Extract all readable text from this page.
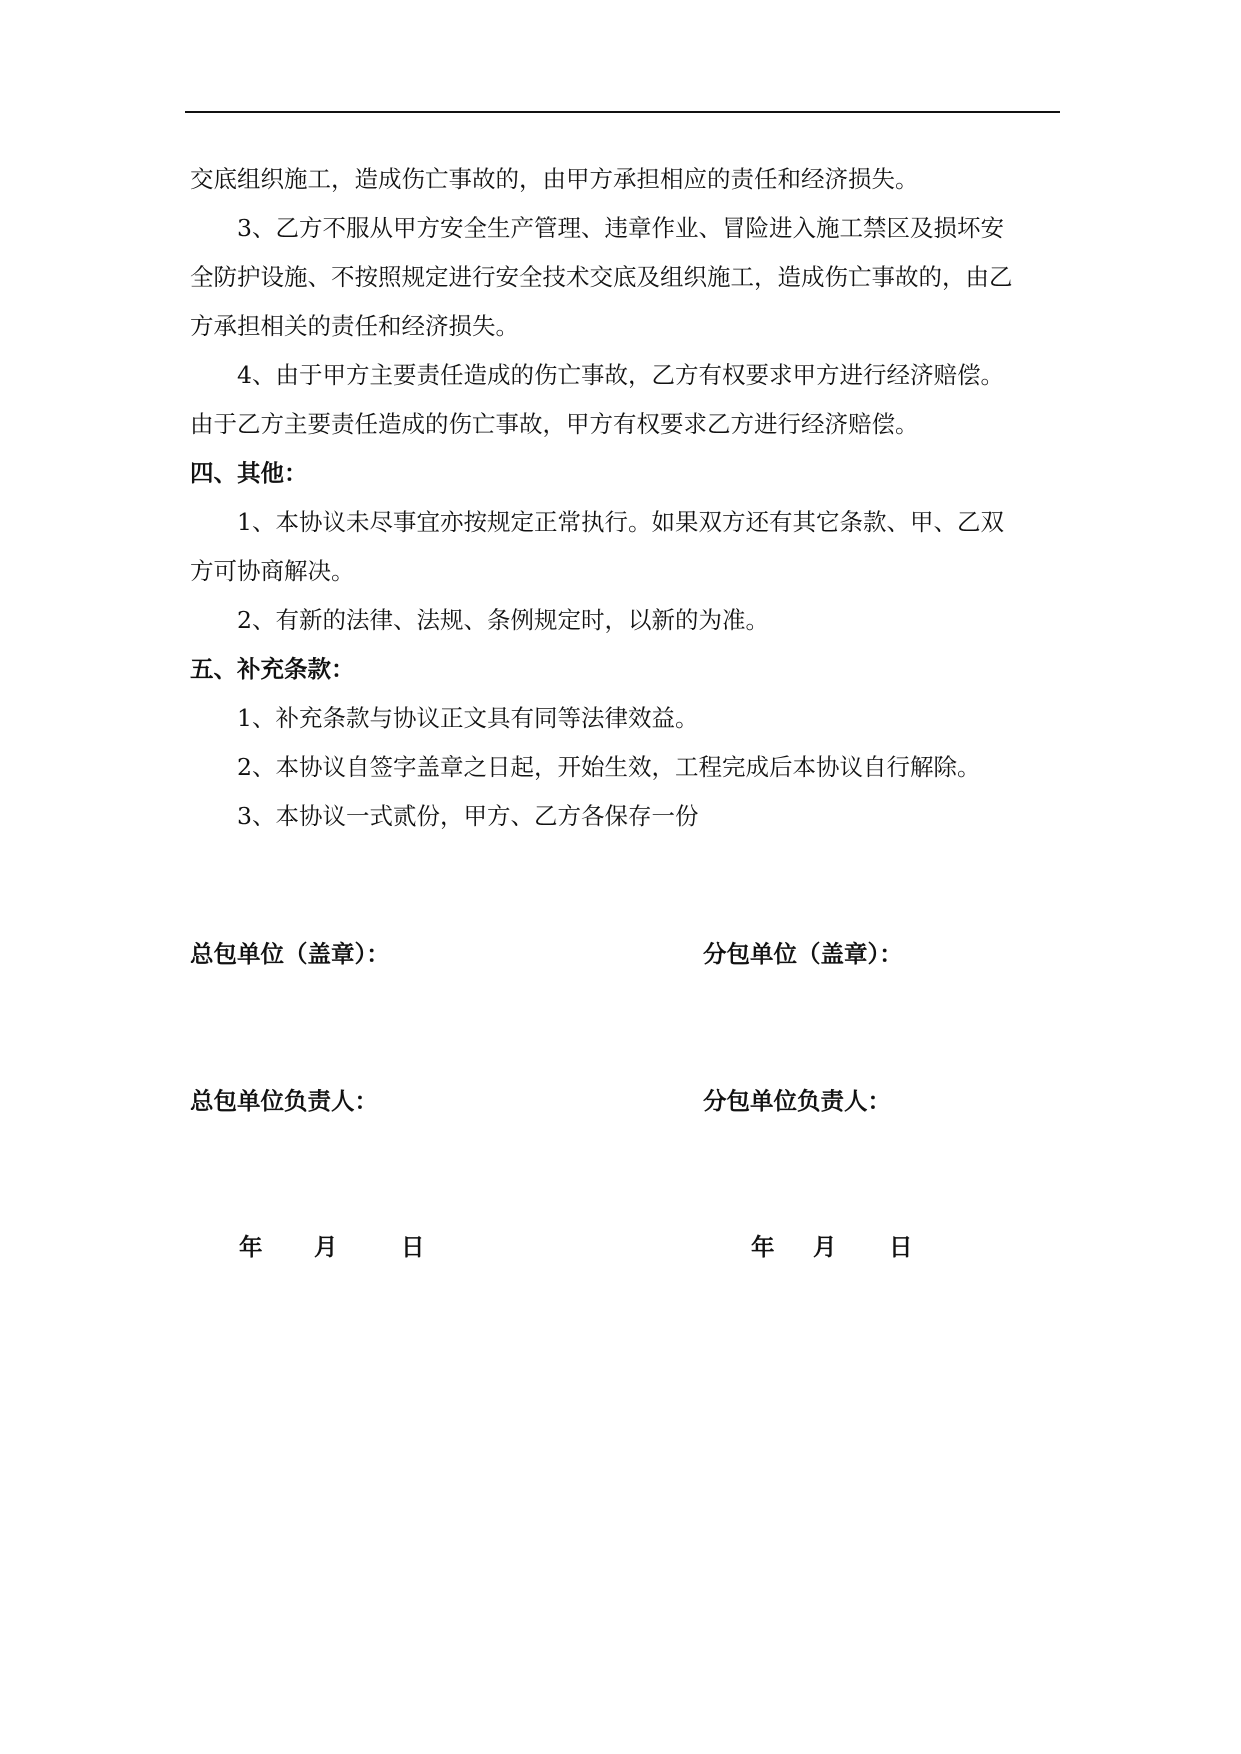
交底组织施工，造成伤亡事故的，由甲方承担相应的责任和经济损失。
3、乙方不服从甲方安全生产管理、违章作业、冒险进入施工禁区及损坏安
全防护设施、不按照规定进行安全技术交底及组织施工，造成伤亡事故的，由乙
方承担相关的责任和经济损失。
4、由于甲方主要责任造成的伤亡事故，乙方有权要求甲方进行经济赔偿。
由于乙方主要责任造成的伤亡事故，甲方有权要求乙方进行经济赔偿。
四、其他：
1、本协议未尽事宜亦按规定正常执行。如果双方还有其它条款、甲、乙双
方可协商解决。
2、有新的法律、法规、条例规定时，以新的为准。
五、补充条款：
1、补充条款与协议正文具有同等法律效益。
2、本协议自签字盖章之日起，开始生效，工程完成后本协议自行解除。
3、本协议一式贰份，甲方、乙方各保存一份
总包单位（盖章）：	分包单位（盖章）：
总包单位负责人：	分包单位负责人：
年 月	日	年 月 日
